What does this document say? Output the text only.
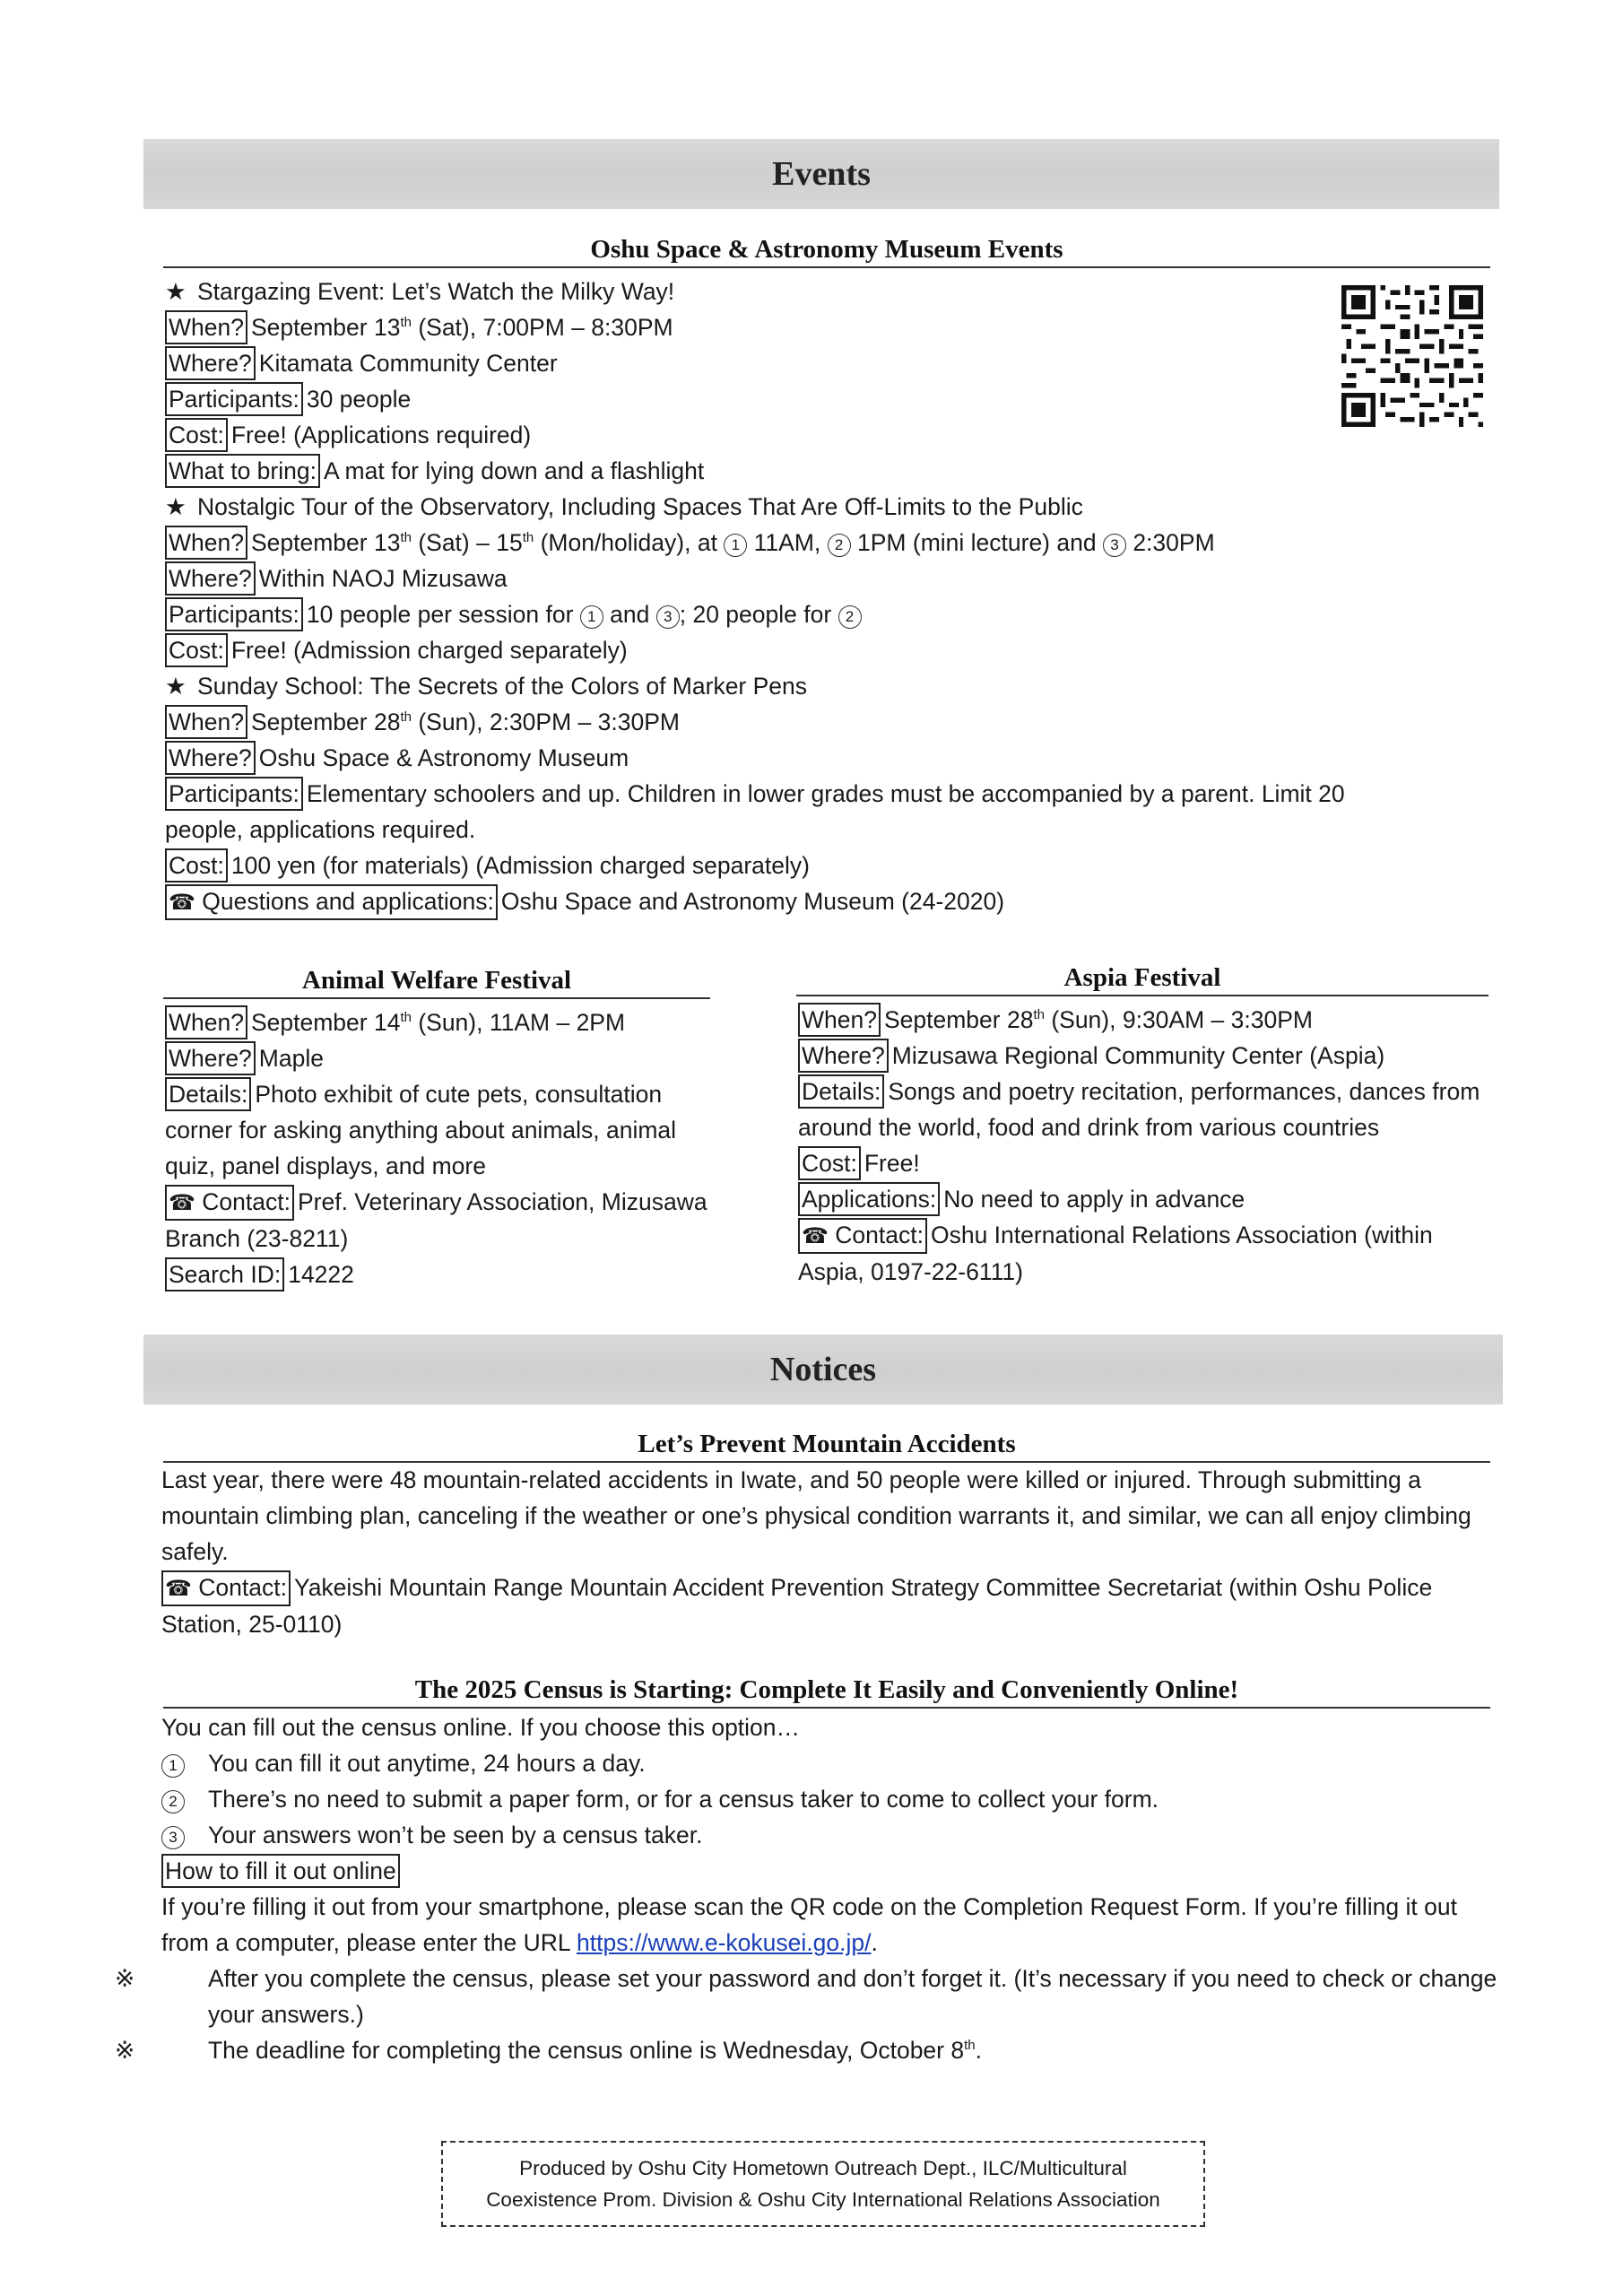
Events
Oshu Space & Astronomy Museum Events
★ Stargazing Event: Let’s Watch the Milky Way!
When? September 13th (Sat), 7:00PM – 8:30PM
Where? Kitamata Community Center
Participants: 30 people
Cost: Free! (Applications required)
What to bring: A mat for lying down and a flashlight
★ Nostalgic Tour of the Observatory, Including Spaces That Are Off-Limits to the Public
When? September 13th (Sat) – 15th (Mon/holiday), at 1 11AM, 2 1PM (mini lecture) and 3 2:30PM
Where? Within NAOJ Mizusawa
Participants: 10 people per session for 1 and 3 ; 20 people for 2
Cost: Free! (Admission charged separately)
★ Sunday School: The Secrets of the Colors of Marker Pens
When? September 28th (Sun), 2:30PM – 3:30PM
Where? Oshu Space & Astronomy Museum
Participants: Elementary schoolers and up. Children in lower grades must be accompanied by a parent. Limit 20 people, applications required.
Cost: 100 yen (for materials) (Admission charged separately)
☎ Questions and applications: Oshu Space and Astronomy Museum (24-2020)
Animal Welfare Festival
When? September 14th (Sun), 11AM – 2PM
Where? Maple
Details: Photo exhibit of cute pets, consultation corner for asking anything about animals, animal quiz, panel displays, and more
☎ Contact: Pref. Veterinary Association, Mizusawa Branch (23-8211)
Search ID: 14222
Aspia Festival
When? September 28th (Sun), 9:30AM – 3:30PM
Where? Mizusawa Regional Community Center (Aspia)
Details: Songs and poetry recitation, performances, dances from around the world, food and drink from various countries
Cost: Free!
Applications: No need to apply in advance
☎ Contact: Oshu International Relations Association (within Aspia, 0197-22-6111)
Notices
Let’s Prevent Mountain Accidents
Last year, there were 48 mountain-related accidents in Iwate, and 50 people were killed or injured. Through submitting a mountain climbing plan, canceling if the weather or one’s physical condition warrants it, and similar, we can all enjoy climbing safely.
☎ Contact: Yakeishi Mountain Range Mountain Accident Prevention Strategy Committee Secretariat (within Oshu Police Station, 25-0110)
The 2025 Census is Starting: Complete It Easily and Conveniently Online!
You can fill out the census online. If you choose this option…
1 You can fill it out anytime, 24 hours a day.
2 There’s no need to submit a paper form, or for a census taker to come to collect your form.
3 Your answers won’t be seen by a census taker.
How to fill it out online
If you’re filling it out from your smartphone, please scan the QR code on the Completion Request Form. If you’re filling it out from a computer, please enter the URL https://www.e-kokusei.go.jp/.
※	After you complete the census, please set your password and don’t forget it. (It’s necessary if you need to check or change your answers.)
※	The deadline for completing the census online is Wednesday, October 8th.
Produced by Oshu City Hometown Outreach Dept., ILC/Multicultural
Coexistence Prom. Division & Oshu City International Relations Association
